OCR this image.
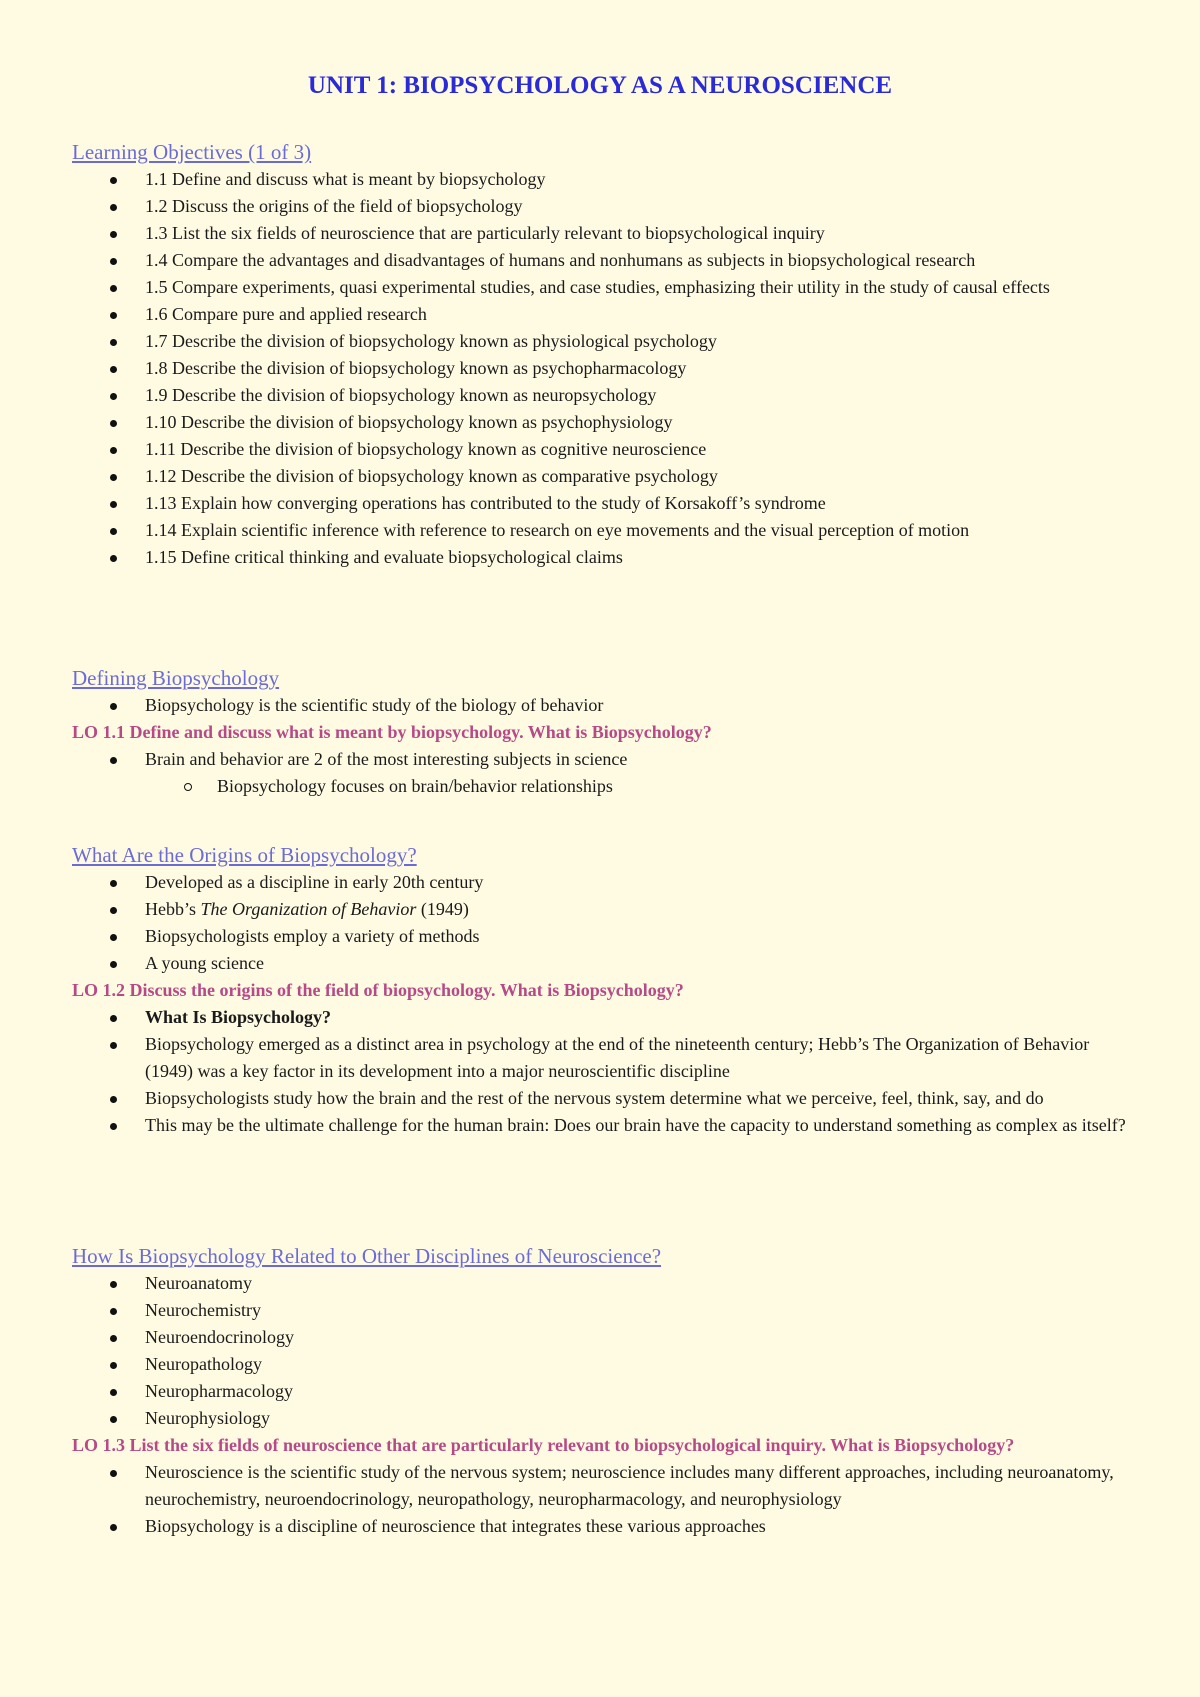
UNIT 1: BIOPSYCHOLOGY AS A NEUROSCIENCE
Learning Objectives (1 of 3)
1.1 Define and discuss what is meant by biopsychology
1.2 Discuss the origins of the field of biopsychology
1.3 List the six fields of neuroscience that are particularly relevant to biopsychological inquiry
1.4 Compare the advantages and disadvantages of humans and nonhumans as subjects in biopsychological research
1.5 Compare experiments, quasi experimental studies, and case studies, emphasizing their utility in the study of causal effects
1.6 Compare pure and applied research
1.7 Describe the division of biopsychology known as physiological psychology
1.8 Describe the division of biopsychology known as psychopharmacology
1.9 Describe the division of biopsychology known as neuropsychology
1.10 Describe the division of biopsychology known as psychophysiology
1.11 Describe the division of biopsychology known as cognitive neuroscience
1.12 Describe the division of biopsychology known as comparative psychology
1.13 Explain how converging operations has contributed to the study of Korsakoff’s syndrome
1.14 Explain scientific inference with reference to research on eye movements and the visual perception of motion
1.15 Define critical thinking and evaluate biopsychological claims
Defining Biopsychology
Biopsychology is the scientific study of the biology of behavior

LO 1.1 Define and discuss what is meant by biopsychology. What is Biopsychology?

Brain and behavior are 2 of the most interesting subjects in science
Biopsychology focuses on brain/behavior relationships
What Are the Origins of Biopsychology?
Developed as a discipline in early 20th century
Hebb’s The Organization of Behavior (1949)
Biopsychologists employ a variety of methods
A young science

LO 1.2 Discuss the origins of the field of biopsychology. What is Biopsychology?

What Is Biopsychology?
Biopsychology emerged as a distinct area in psychology at the end of the nineteenth century; Hebb’s The Organization of Behavior (1949) was a key factor in its development into a major neuroscientific discipline
Biopsychologists study how the brain and the rest of the nervous system determine what we perceive, feel, think, say, and do
This may be the ultimate challenge for the human brain: Does our brain have the capacity to understand something as complex as itself?
How Is Biopsychology Related to Other Disciplines of Neuroscience?
Neuroanatomy
Neurochemistry
Neuroendocrinology
Neuropathology
Neuropharmacology
Neurophysiology

LO 1.3 List the six fields of neuroscience that are particularly relevant to biopsychological inquiry. What is Biopsychology?

Neuroscience is the scientific study of the nervous system; neuroscience includes many different approaches, including neuroanatomy, neurochemistry, neuroendocrinology, neuropathology, neuropharmacology, and neurophysiology
Biopsychology is a discipline of neuroscience that integrates these various approaches
